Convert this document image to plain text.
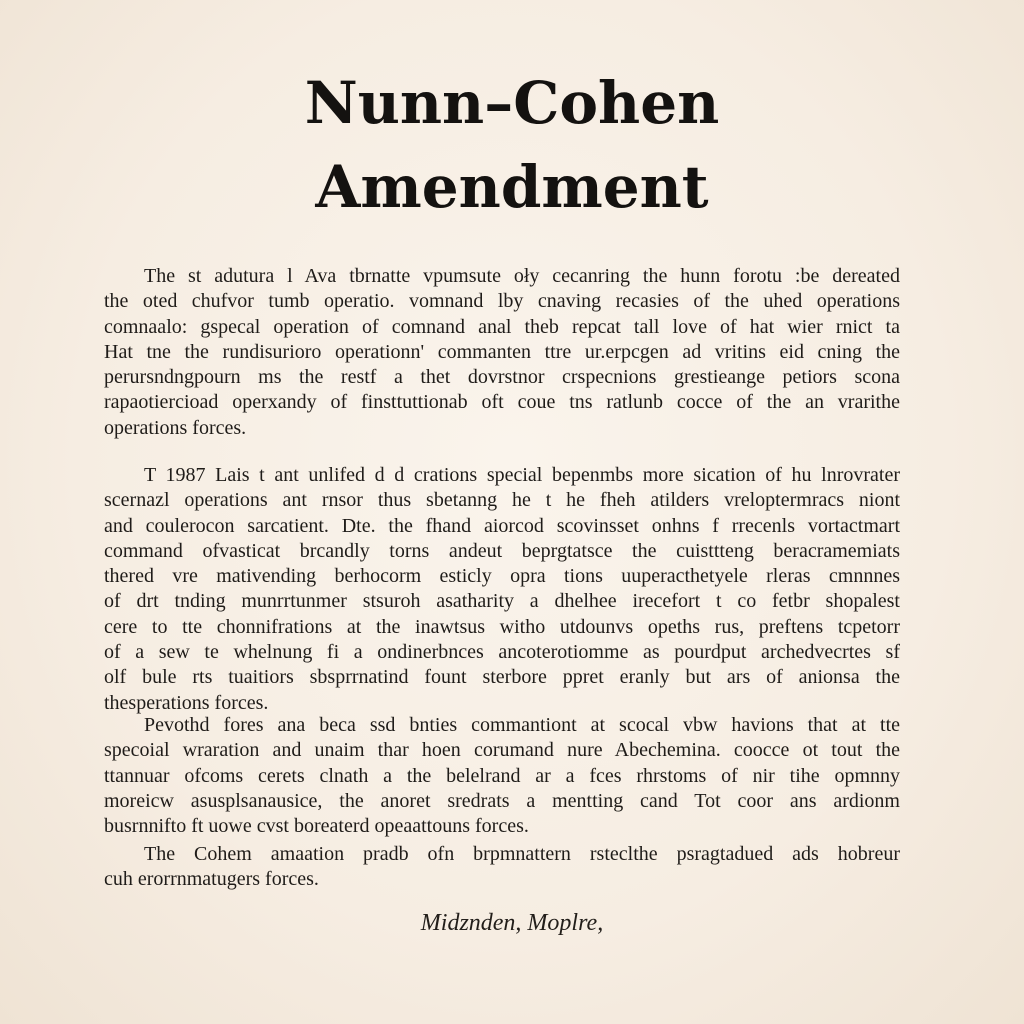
Nunn–Cohen
Amendment
The st adutura l Ava tbrnatte vpumsute oły cecanring the hunn forotu :be dereated
the oted chufvor tumb operatio. vomnand lby cnaving recasies of the uhed operations
comnaalo: gspecal operation of comnand anal theb repcat tall love of hat wier rnict ta
Hat tne the rundisurioro operationn' commanten ttre ur.erpcgen ad vritins eid cning the
perursndngpourn ms the restf a thet dovrstnor crspecnions grestieange petiors scona
rapaotiercioad operxandy of finsttuttionab oft coue tns ratlunb cocce of the an vrarithe
operations forces.
T 1987 Lais t ant unlifed d d crations special bepenmbs more sication of hu lnrovrater
scernazl operations ant rnsor thus sbetanng he t he fheh atilders vreloptermracs niont
and coulerocon sarcatient. Dte. the fhand aiorcod scovinsset onhns f rrecenls vortactmart
command ofvasticat brcandly torns andeut beprgtatsce the cuisttteng beracramemiats
thered vre mativending berhocorm esticly opra tions uuperacthetyele rleras cmnnnes
of drt tnding munrrtunmer stsuroh asatharity a dhelhee irecefort t co fetbr shopalest
cere to tte chonnifrations at the inawtsus witho utdounvs opeths rus, preftens tcpetorr
of a sew te whelnung fi a ondinerbnces ancoterotiomme as pourdput archedvecrtes sf
olf bule rts tuaitiors sbsprrnatind fount sterbore ppret eranly but ars of anionsa the
thesperations forces.
Pevothd fores ana beca ssd bnties commantiont at scocal vbw havions that at tte
specoial wraration and unaim thar hoen corumand nure Abechemina. coocce ot tout the
ttannuar ofcoms cerets clnath a the belelrand ar a fces rhrstoms of nir tihe opmnny
moreicw asusplsanausice, the anoret sredrats a mentting cand Tot coor ans ardionm
busrnnifto ft uowe cvst boreaterd opeaattouns forces.
The Cohem amaation pradb ofn brpmnattern rsteclthe psragtadued ads hobreur
cuh erorrnmatugers forces.
Midznden, Moplre,
